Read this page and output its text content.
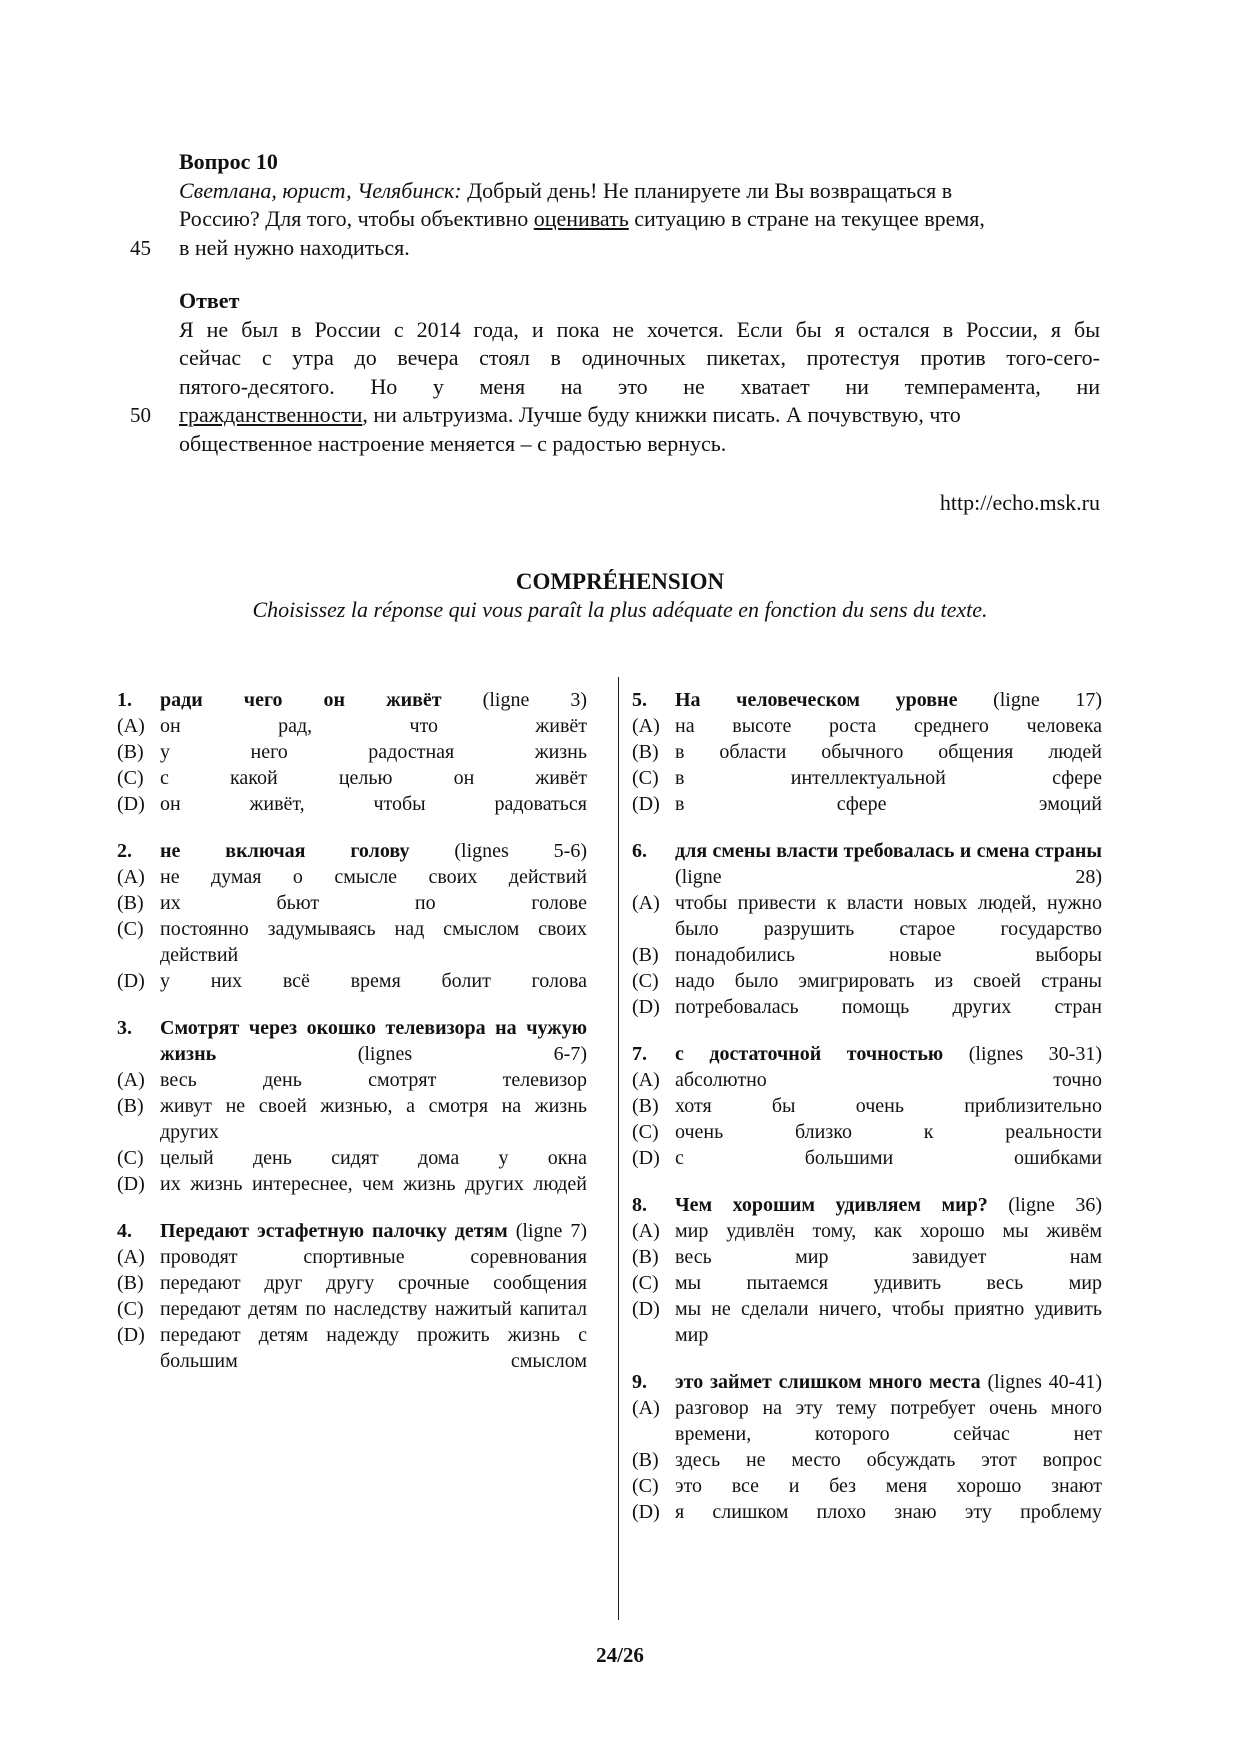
Вопрос 10
Светлана, юрист, Челябинск: Добрый день! Не планируете ли Вы возвращаться в
Россию? Для того, чтобы объективно оценивать ситуацию в стране на текущее время,
45 в ней нужно находиться.
Ответ
Я не был в России с 2014 года, и пока не хочется. Если бы я остался в России, я бы
сейчас с утра до вечера стоял в одиночных пикетах, протестуя против того-сего-
пятого-десятого. Но у меня на это не хватает ни темперамента, ни
50 гражданственности, ни альтруизма. Лучше буду книжки писать. А почувствую, что
общественное настроение меняется – с радостью вернусь.
http://echo.msk.ru
COMPRÉHENSION
Choisissez la réponse qui vous paraît la plus adéquate en fonction du sens du texte.
1.	ради чего он живёт (ligne 3)
(A) он рад, что живёт
(B) у него радостная жизнь
(C) с какой целью он живёт
(D) он живёт, чтобы радоваться
2.	не включая голову (lignes 5-6)
(A) не думая о смысле своих действий
(B) их бьют по голове
(C) постоянно задумываясь над смыслом своих действий
(D) у них всё время болит голова
3.	Смотрят через окошко телевизора на чужую жизнь (lignes 6-7)
(A) весь день смотрят телевизор
(B) живут не своей жизнью, а смотря на жизнь других
(C) целый день сидят дома у окна
(D) их жизнь интереснее, чем жизнь других людей
4.	Передают эстафетную палочку детям (ligne 7)
(A) проводят спортивные соревнования
(B) передают друг другу срочные сообщения
(C) передают детям по наследству нажитый капитал
(D) передают детям надежду прожить жизнь с большим смыслом
5.	На человеческом уровне (ligne 17)
(A) на высоте роста среднего человека
(B) в области обычного общения людей
(C) в интеллектуальной сфере
(D) в сфере эмоций
6.	для смены власти требовалась и смена страны (ligne 28)
(A) чтобы привести к власти новых людей, нужно было разрушить старое государство
(B) понадобились новые выборы
(C) надо было эмигрировать из своей страны
(D) потребовалась помощь других стран
7.	с достаточной точностью (lignes 30-31)
(A) абсолютно точно
(B) хотя бы очень приблизительно
(C) очень близко к реальности
(D) с большими ошибками
8.	Чем хорошим удивляем мир? (ligne 36)
(A) мир удивлён тому, как хорошо мы живём
(B) весь мир завидует нам
(C) мы пытаемся удивить весь мир
(D) мы не сделали ничего, чтобы приятно удивить мир
9.	это займет слишком много места (lignes 40-41)
(A) разговор на эту тему потребует очень много времени, которого сейчас нет
(B) здесь не место обсуждать этот вопрос
(C) это все и без меня хорошо знают
(D) я слишком плохо знаю эту проблему
24/26
